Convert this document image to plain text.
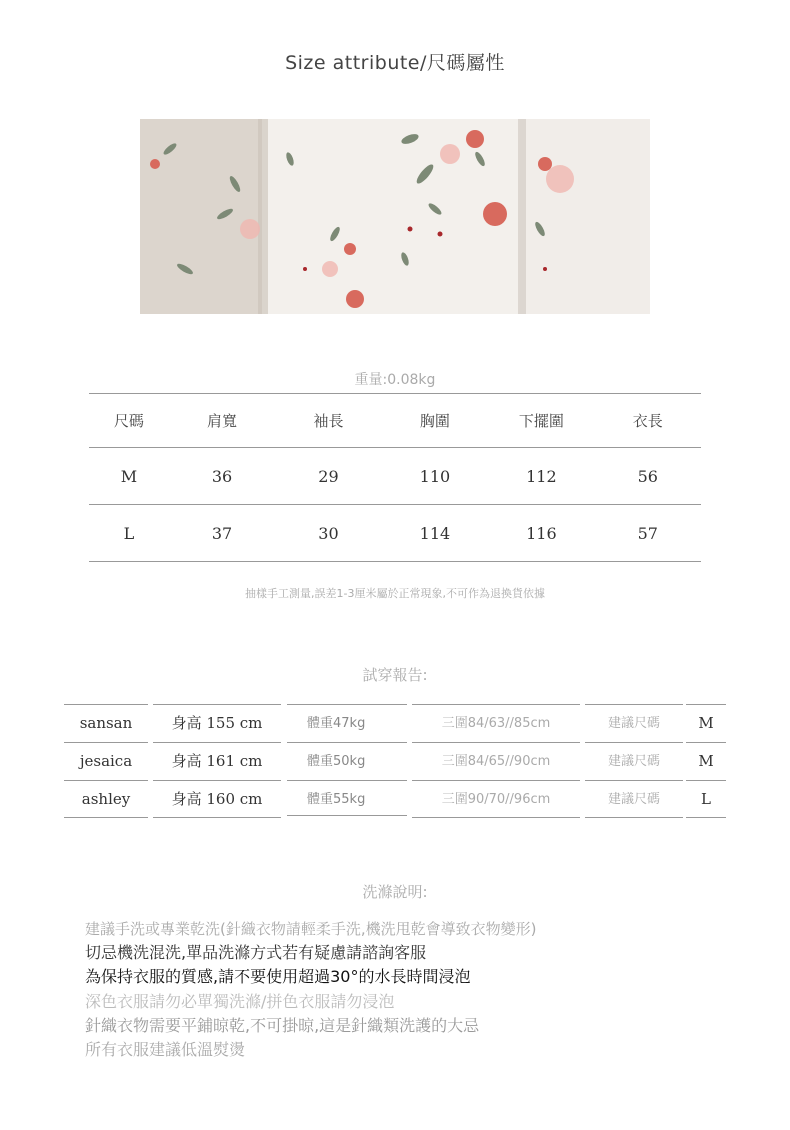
Size attribute/尺碼屬性
重量:0.08kg
尺碼	肩寬	袖長	胸圍	下擺圍	衣長
M	36	29	110	112	56
L	37	30	114	116	57
抽樣手工測量,誤差1-3厘米屬於正常現象,不可作為退換貨依據
試穿報告:
sansan	身高 155 cm	體重47kg	三圍84/63//85cm	建議尺碼	M
jesaica	身高 161 cm	體重50kg	三圍84/65//90cm	建議尺碼	M
ashley	身高 160 cm	體重55kg	三圍90/70//96cm	建議尺碼	L
洗滌說明:
建議手洗或專業乾洗(針織衣物請輕柔手洗,機洗甩乾會導致衣物變形)
切忌機洗混洗,單品洗滌方式若有疑慮請諮詢客服
為保持衣服的質感,請不要使用超過30°的水長時間浸泡
深色衣服請勿必單獨洗滌/拼色衣服請勿浸泡
針織衣物需要平鋪晾乾,不可掛晾,這是針織類洗護的大忌
所有衣服建議低溫熨燙
